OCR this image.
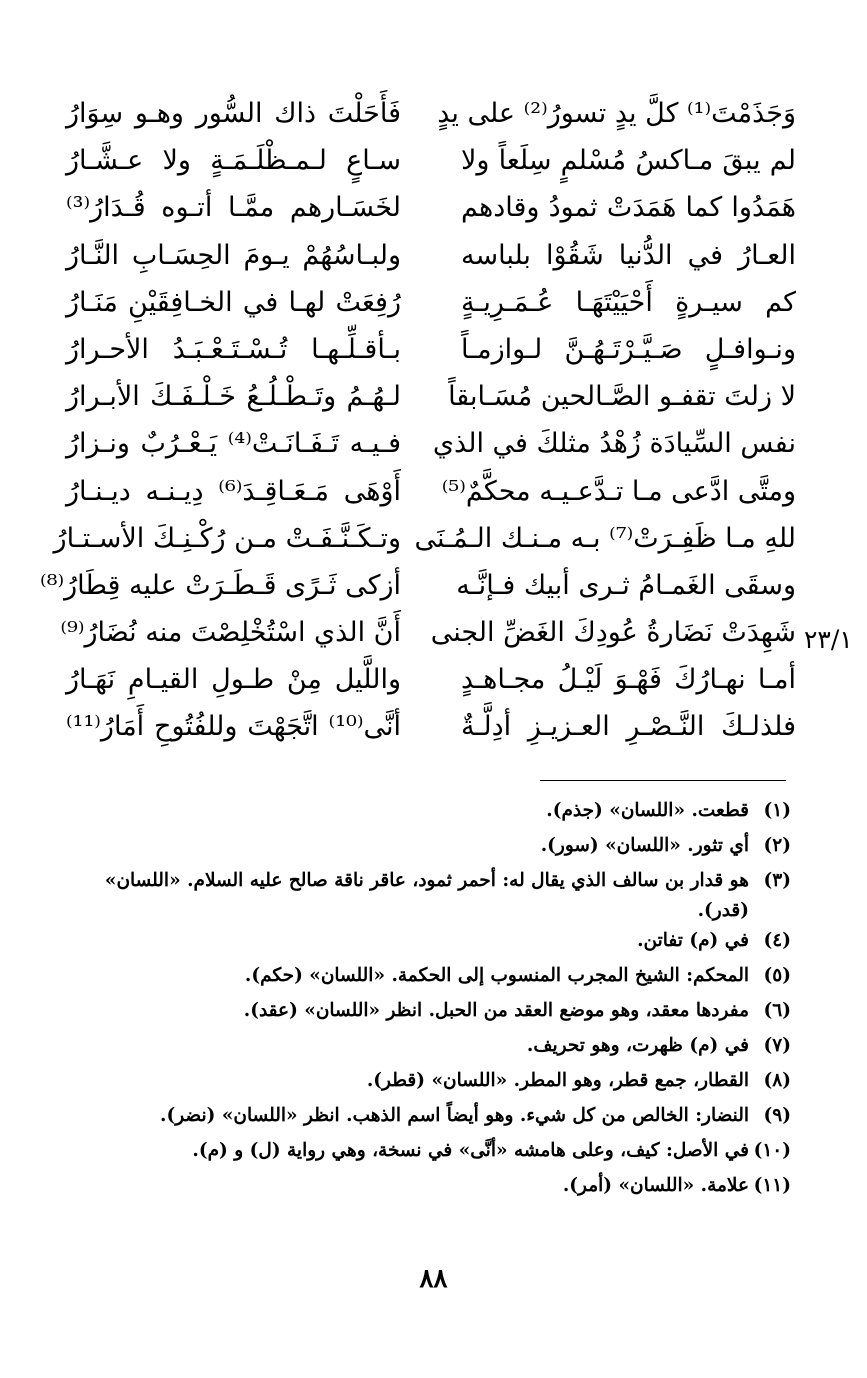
وَجَذَمْتَ⁽¹⁾ كلَّ يدٍ تسورُ⁽²⁾ على يدٍ
فَأَحَلْتَ ذاك السُّور وهـو سِوَارُ
لم يبقَ مـاكسُ مُسْلمٍ سِلَعاً ولا
سـاعٍ لـمـظْلَـمَـةٍ ولا عـشَّـارُ
هَمَدُوا كما هَمَدَتْ ثمودُ وقادهم
لخَسَـارهم ممَّـا أتـوه قُـدَارُ⁽³⁾
العـارُ في الدُّنيا شَقُوْا بلباسه
ولبـاسُهُمْ يـومَ الحِسَـابِ النَّـارُ
كم سيـرةٍ أَحْيَيْتَهَـا عُـمَـرِيـةٍ
رُفِعَتْ لهـا في الخـافِقَيْنِ مَنَـارُ
ونـوافـلٍ صَـيَّـرْتَـهُـنَّ لـوازمـاً
بـأقـلِّـهـا تُـسْـتَـعْـبَـدُ الأحـرارُ
لا زلتَ تقفـو الصَّـالحين مُسَـابقاً
لـهُـمُ وتَـطْـلُـعُ خَـلْـفَـكَ الأبـرارُ
نفس السِّيادَة زُهْدُ مثلكَ في الذي
فـيـه تَـفَـانَـتْ⁽⁴⁾ يَـعْـرُبٌ ونـزارُ
ومتَّى ادَّعى مـا تـدَّعـيـه محكَّمٌ⁽⁵⁾
أَوْهَى مَـعَـاقِـدَ⁽⁶⁾ دِيـنـه ديـنـارُ
للهِ مـا ظَفِـرَتْ⁽⁷⁾ بـه مـنـك الـمُـنَى
وتـكَـنَّـفَـتْ مـن رُكْـنِـكَ الأسـتـارُ
وسقَى الغَمـامُ ثـرى أبيك فـإنَّـه
أزكى ثَـرًى قَـطَـرَتْ عليه قِطَارُ⁽⁸⁾
شَهِدَتْ نَضَارةُ عُودِكَ الغَضِّ الجنى
أَنَّ الذي اسْتُخْلِصْتَ منه نُضَارُ⁽⁹⁾
أمـا نهـارُكَ فَهْـوَ لَيْـلُ مجـاهـدٍ
واللَّيل مِنْ طـولِ القيـامِ نَهَـارُ
فلذلـكَ النَّـصْـرِ العـزيـزِ أدِلَّـةٌ
أنَّى⁽¹⁰⁾ اتَّجَهْتَ وللفُتُوحِ أَمَارُ⁽¹¹⁾
٢٣/١
(١)
قطعت. «اللسان» (جذم).
(٢)
أي تثور. «اللسان» (سور).
(٣)
هو قدار بن سالف الذي يقال له: أحمر ثمود، عاقر ناقة صالح عليه السلام. «اللسان» (قدر).
(٤)
في (م) تفاتن.
(٥)
المحكم: الشيخ المجرب المنسوب إلى الحكمة. «اللسان» (حكم).
(٦)
مفردها معقد، وهو موضع العقد من الحبل. انظر «اللسان» (عقد).
(٧)
في (م) ظهرت، وهو تحريف.
(٨)
القطار، جمع قطر، وهو المطر. «اللسان» (قطر).
(٩)
النضار: الخالص من كل شيء. وهو أيضاً اسم الذهب. انظر «اللسان» (نضر).
(١٠)
في الأصل: كيف، وعلى هامشه «أنَّى» في نسخة، وهي رواية (ل) و (م).
(١١)
علامة. «اللسان» (أمر).
٨٨
